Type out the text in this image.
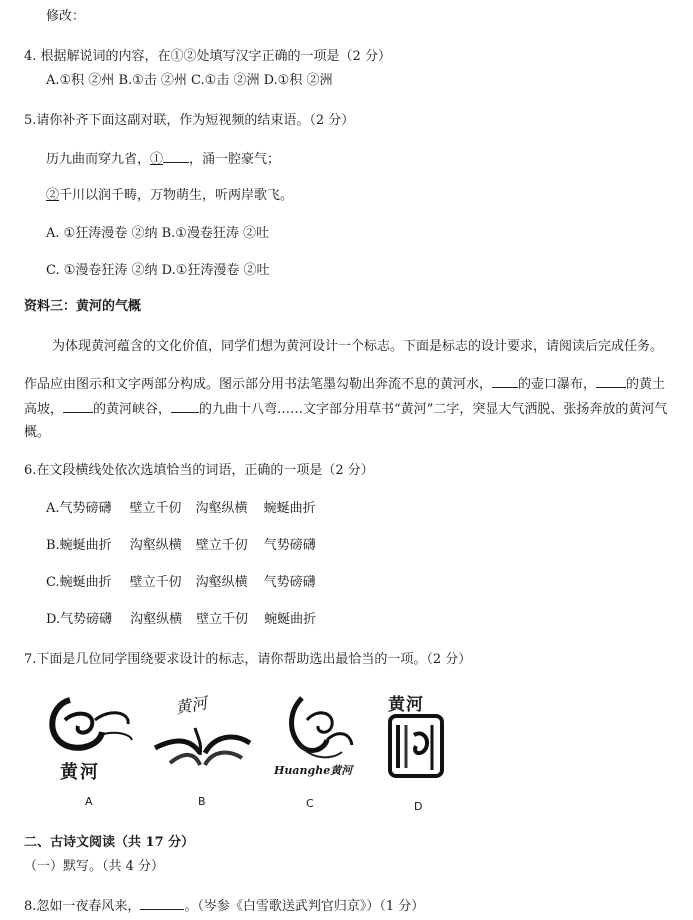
修改：
4. 根据解说词的内容，在①②处填写汉字正确的一项是（2 分）
A.①积 ②州 B.①击 ②州 C.①击 ②洲 D.①积 ②洲
5.请你补齐下面这副对联，作为短视频的结束语。（2 分）
历九曲而穿九省，① ，涌一腔豪气；
②千川以润千畴，万物萌生，听两岸歌飞。
A. ①狂涛漫卷 ②纳 B.①漫卷狂涛 ②吐
C. ①漫卷狂涛 ②纳 D.①狂涛漫卷 ②吐
资料三：黄河的气概
为体现黄河蕴含的文化价值，同学们想为黄河设计一个标志。下面是标志的设计要求，请阅读后完成任务。
作品应由图示和文字两部分构成。图示部分用书法笔墨勾勒出奔流不息的黄河水， 的壶口瀑布， 的黄土
高坡， 的黄河峡谷， 的九曲十八弯……文字部分用草书“黄河”二字，突显大气洒脱、张扬奔放的黄河气
概。
6.在文段横线处依次选填恰当的词语，正确的一项是（2 分）
A.气势磅礴 壁立千仞 沟壑纵横 蜿蜒曲折
B.蜿蜒曲折 沟壑纵横 壁立千仞 气势磅礴
C.蜿蜒曲折 壁立千仞 沟壑纵横 气势磅礴
D.气势磅礴 沟壑纵横 壁立千仞 蜿蜒曲折
7.下面是几位同学围绕要求设计的标志，请你帮助选出最恰当的一项。（2 分）
黄河
A
黄河
B
Huanghe黄河
C
黄河
D
二、古诗文阅读（共 17 分）
（一）默写。（共 4 分）
8.忽如一夜春风来，	。（岑参《白雪歌送武判官归京》）（1 分）
